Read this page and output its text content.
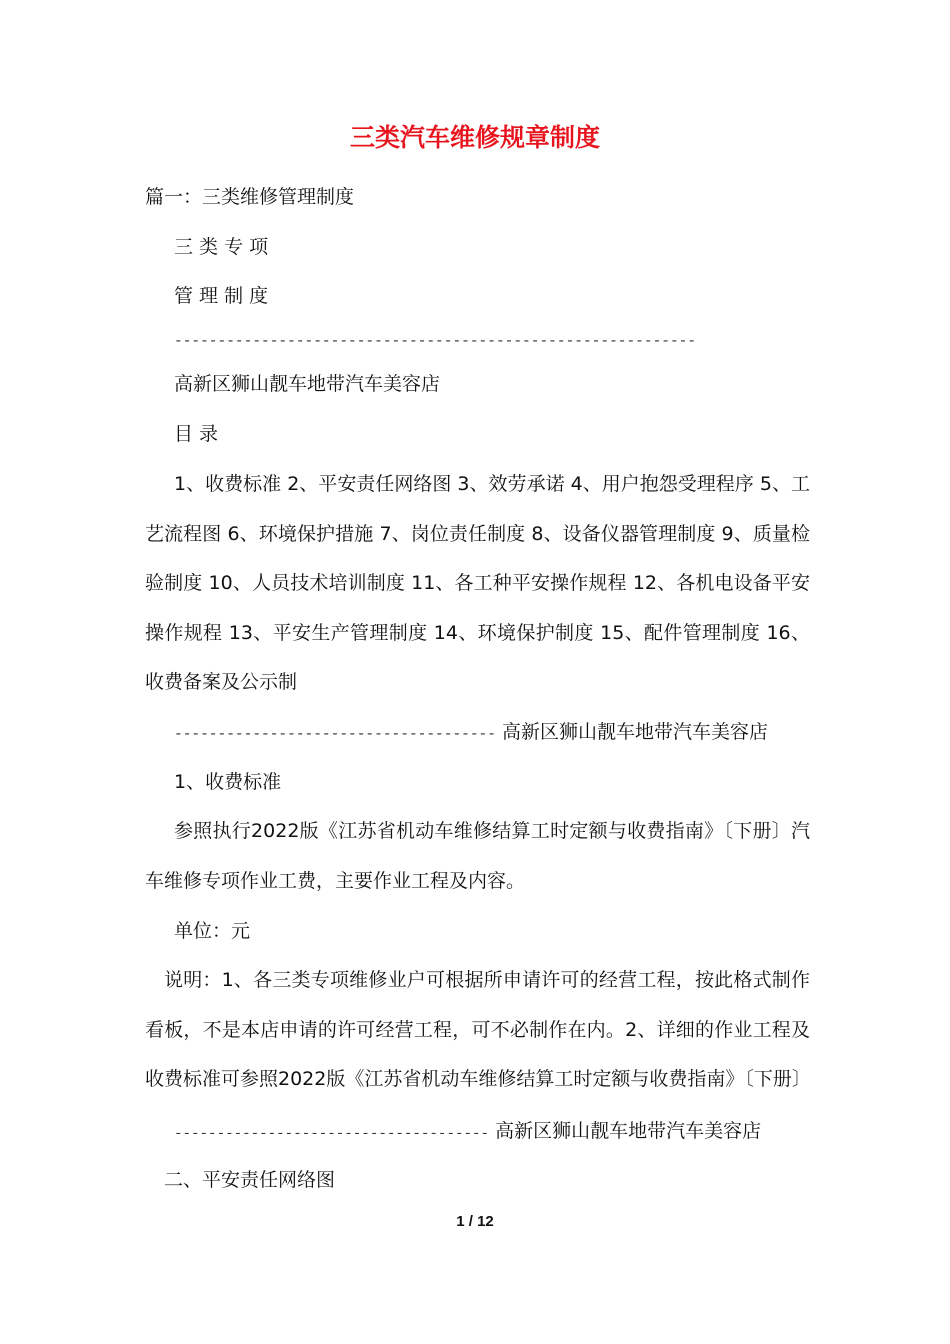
三类汽车维修规章制度
篇一：三类维修管理制度
三 类 专 项
管 理 制 度
------------------------------------------------------------
高新区狮山靓车地带汽车美容店
目 录
1、收费标准 2、平安责任网络图 3、效劳承诺 4、用户抱怨受理程序 5、工艺流程图 6、环境保护措施 7、岗位责任制度 8、设备仪器管理制度 9、质量检验制度 10、人员技术培训制度 11、各工种平安操作规程 12、各机电设备平安操作规程 13、平安生产管理制度 14、环境保护制度 15、配件管理制度 16、收费备案及公示制
------------------------------------- 高新区狮山靓车地带汽车美容店
1、收费标准
参照执行2022版《江苏省机动车维修结算工时定额与收费指南》〔下册〕汽车维修专项作业工费，主要作业工程及内容。
单位：元
说明：1、各三类专项维修业户可根据所申请许可的经营工程，按此格式制作看板，不是本店申请的许可经营工程，可不必制作在内。2、详细的作业工程及收费标准可参照2022版《江苏省机动车维修结算工时定额与收费指南》〔下册〕
------------------------------------- 高新区狮山靓车地带汽车美容店
二、平安责任网络图
1 / 12
